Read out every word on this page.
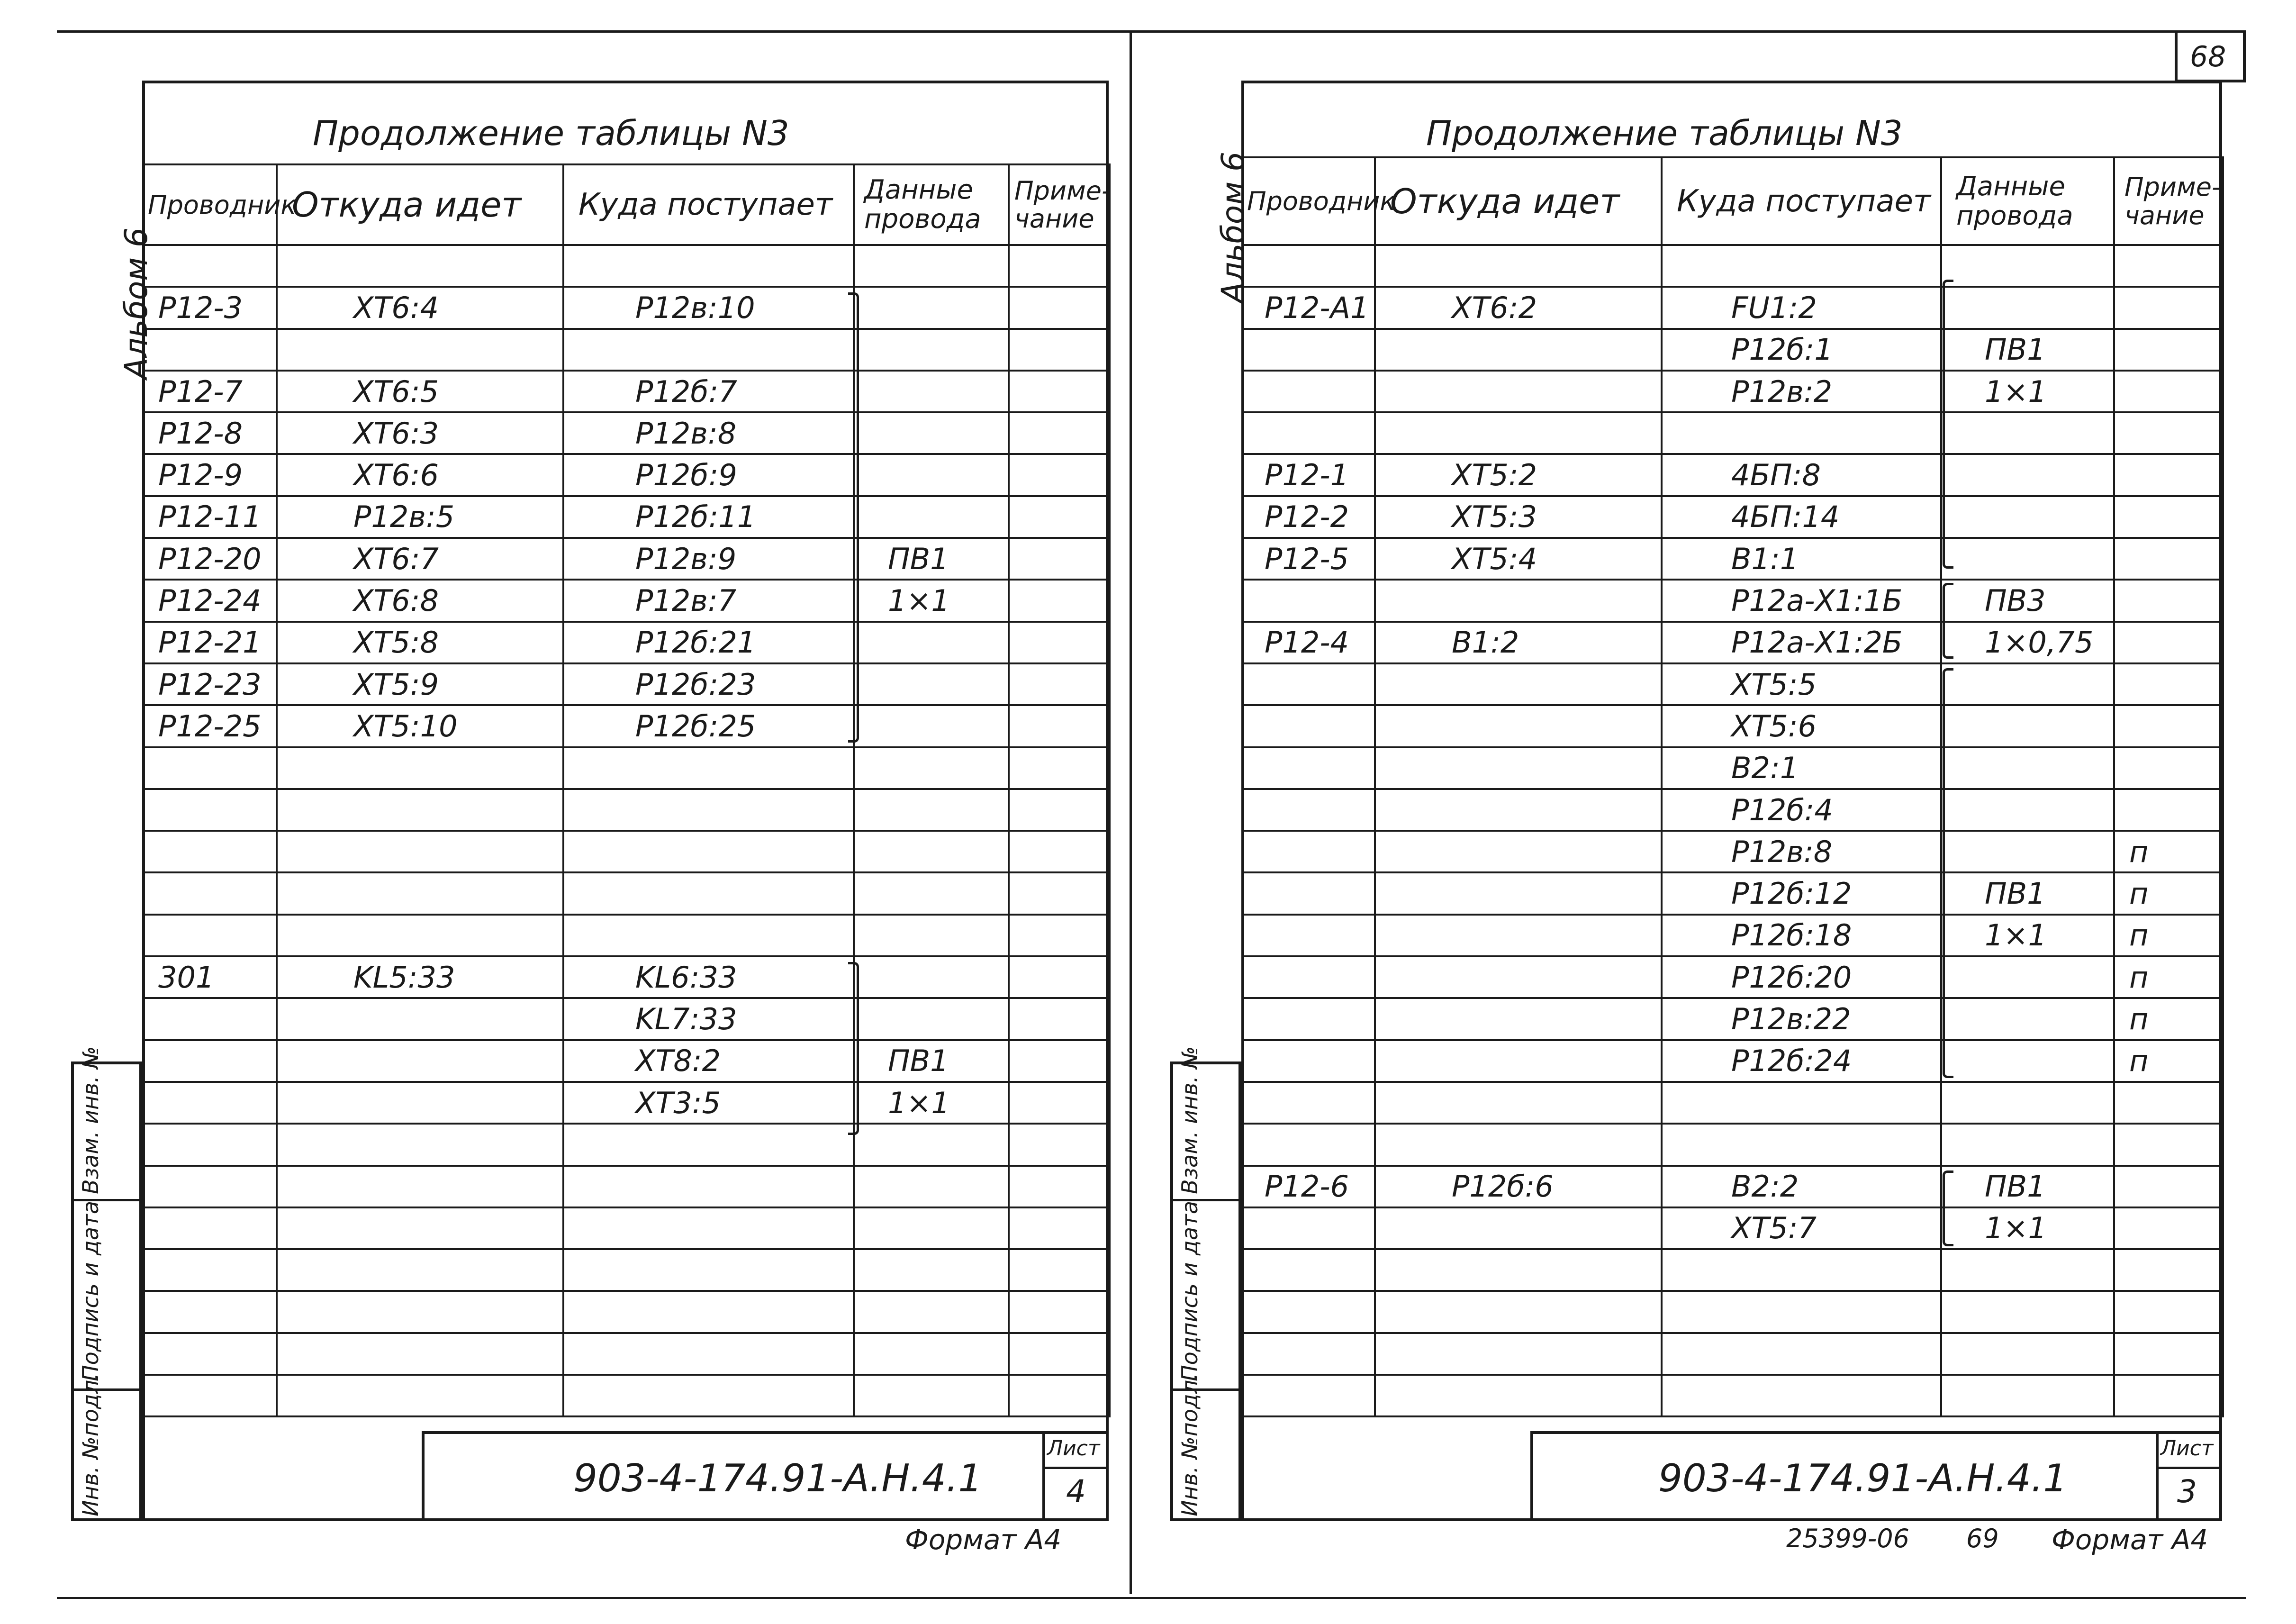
68
Продолжение таблицы N3
Альбом 6
Проводник	Откуда идет	Куда поступает	Данные провода	Приме-чание

P12-3	XT6:4	P12в:10		

P12-7	XT6:5	P12б:7		
P12-8	XT6:3	P12в:8		
P12-9	XT6:6	P12б:9		
P12-11	P12в:5	P12б:11		
P12-20	XT6:7	P12в:9	ПВ1	
P12-24	XT6:8	P12в:7	1×1	
P12-21	XT5:8	P12б:21		
P12-23	XT5:9	P12б:23		
P12-25	XT5:10	P12б:25		

301	KL5:33	KL6:33		
		KL7:33		
		XT8:2	ПВ1	
		XT3:5	1×1	

Инв. №подл.
Подпись и дата
Взам. инв. №
903-4-174.91-А.Н.4.1
Лист
4
Формат А4
Продолжение таблицы N3
Альбом 6
Проводник	Откуда идет	Куда поступает	Данные провода	Приме-чание

P12-А1	XT6:2	FU1:2		
		P12б:1	ПВ1	
		P12в:2	1×1	

P12-1	XT5:2	4БП:8		
P12-2	XT5:3	4БП:14		
P12-5	XT5:4	B1:1		
		P12а-X1:1Б	ПВ3	
P12-4	B1:2	P12а-X1:2Б	1×0,75	
		XT5:5		
		XT5:6		
		B2:1		
		P12б:4		
		P12в:8		п
		P12б:12	ПВ1	п
		P12б:18	1×1	п
		P12б:20		п
		P12в:22		п
		P12б:24		п

P12-6	P12б:6	B2:2	ПВ1	
		XT5:7	1×1	

Инв. №подл.
Подпись и дата
Взам. инв. №
903-4-174.91-А.Н.4.1
Лист
3
25399-06 69 Формат А4
